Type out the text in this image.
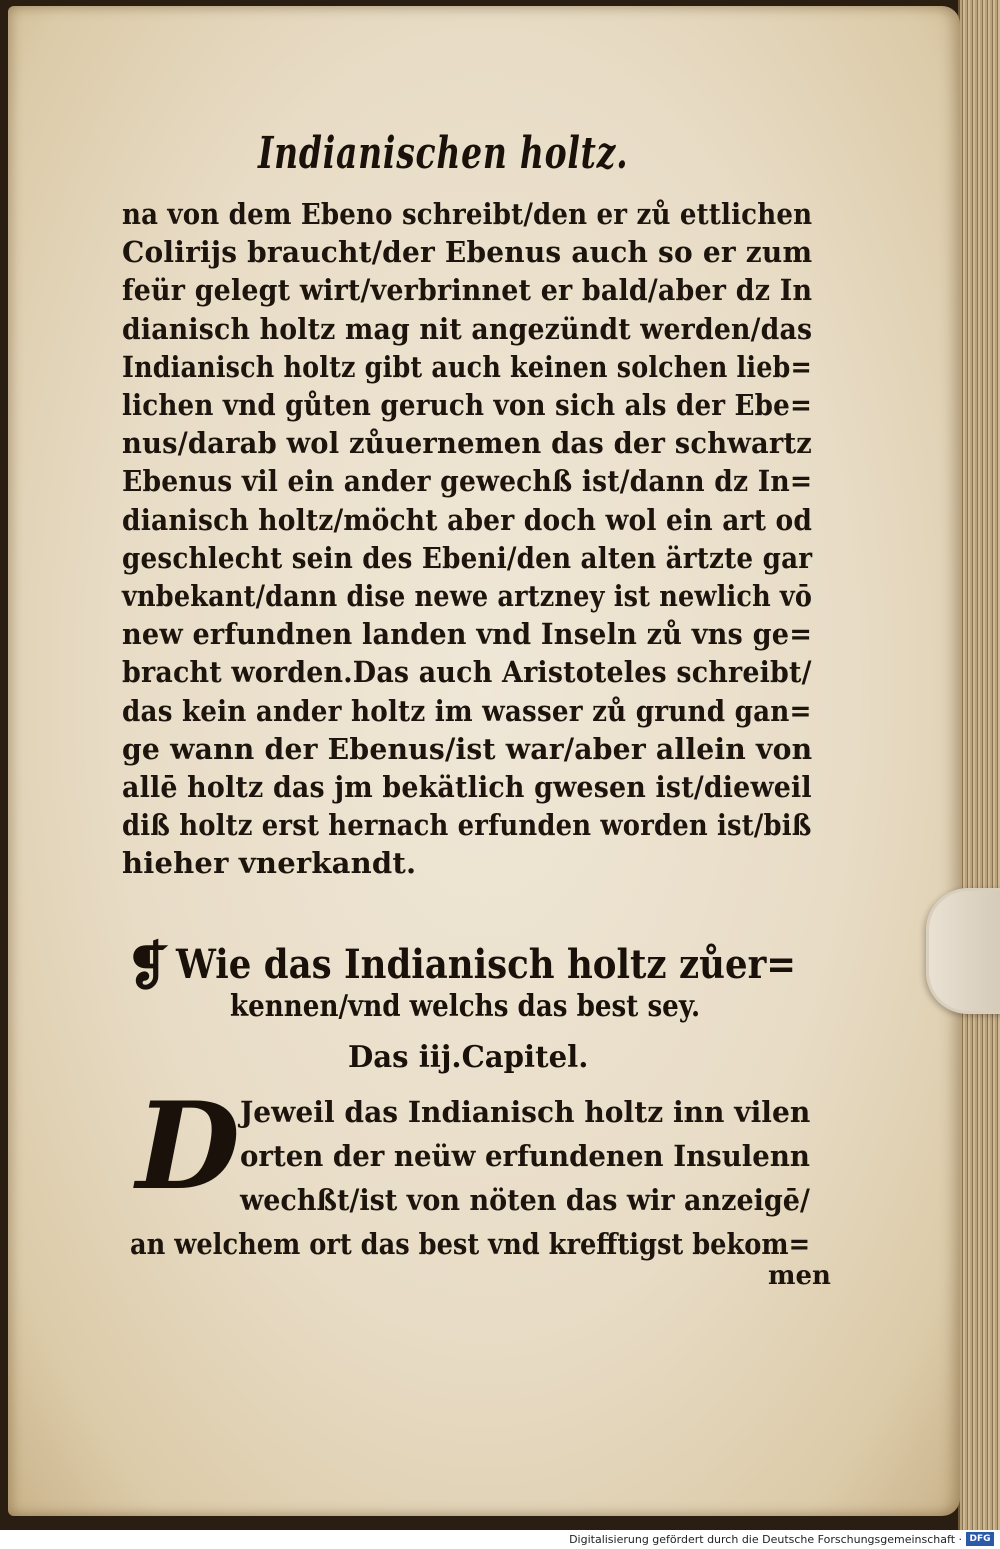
Indianischen holtz.
na von dem Ebeno schreibt/den er zů ettlichen
Colirijs braucht/der Ebenus auch so er zum
feür gelegt wirt/verbrinnet er bald/aber dz In
dianisch holtz mag nit angezündt werden/das
Indianisch holtz gibt auch keinen solchen lieb=
lichen vnd gůten geruch von sich als der Ebe=
nus/darab wol zůuernemen das der schwartz
Ebenus vil ein ander gewechß ist/dann dz In=
dianisch holtz/möcht aber doch wol ein art od
geschlecht sein des Ebeni/den alten ärtzte gar
vnbekant/dann dise newe artzney ist newlich vō
new erfundnen landen vnd Inseln zů vns ge=
bracht worden.Das auch Aristoteles schreibt/
das kein ander holtz im wasser zů grund gan=
ge wann der Ebenus/ist war/aber allein von
allē holtz das jm bekätlich gwesen ist/dieweil
diß holtz erst hernach erfunden worden ist/biß
hieher vnerkandt.
❡ Wie das Indianisch holtz zůer=
kennen/vnd welchs das best sey.
Das iij.Capitel.
D Jeweil das Indianisch holtz inn vilen
orten der neüw erfundenen Insulenn
wechßt/ist von nöten das wir anzeigē/
an welchem ort das best vnd krefftigst bekom=
men
Digitalisierung gefördert durch die Deutsche Forschungsgemeinschaft · DFG
